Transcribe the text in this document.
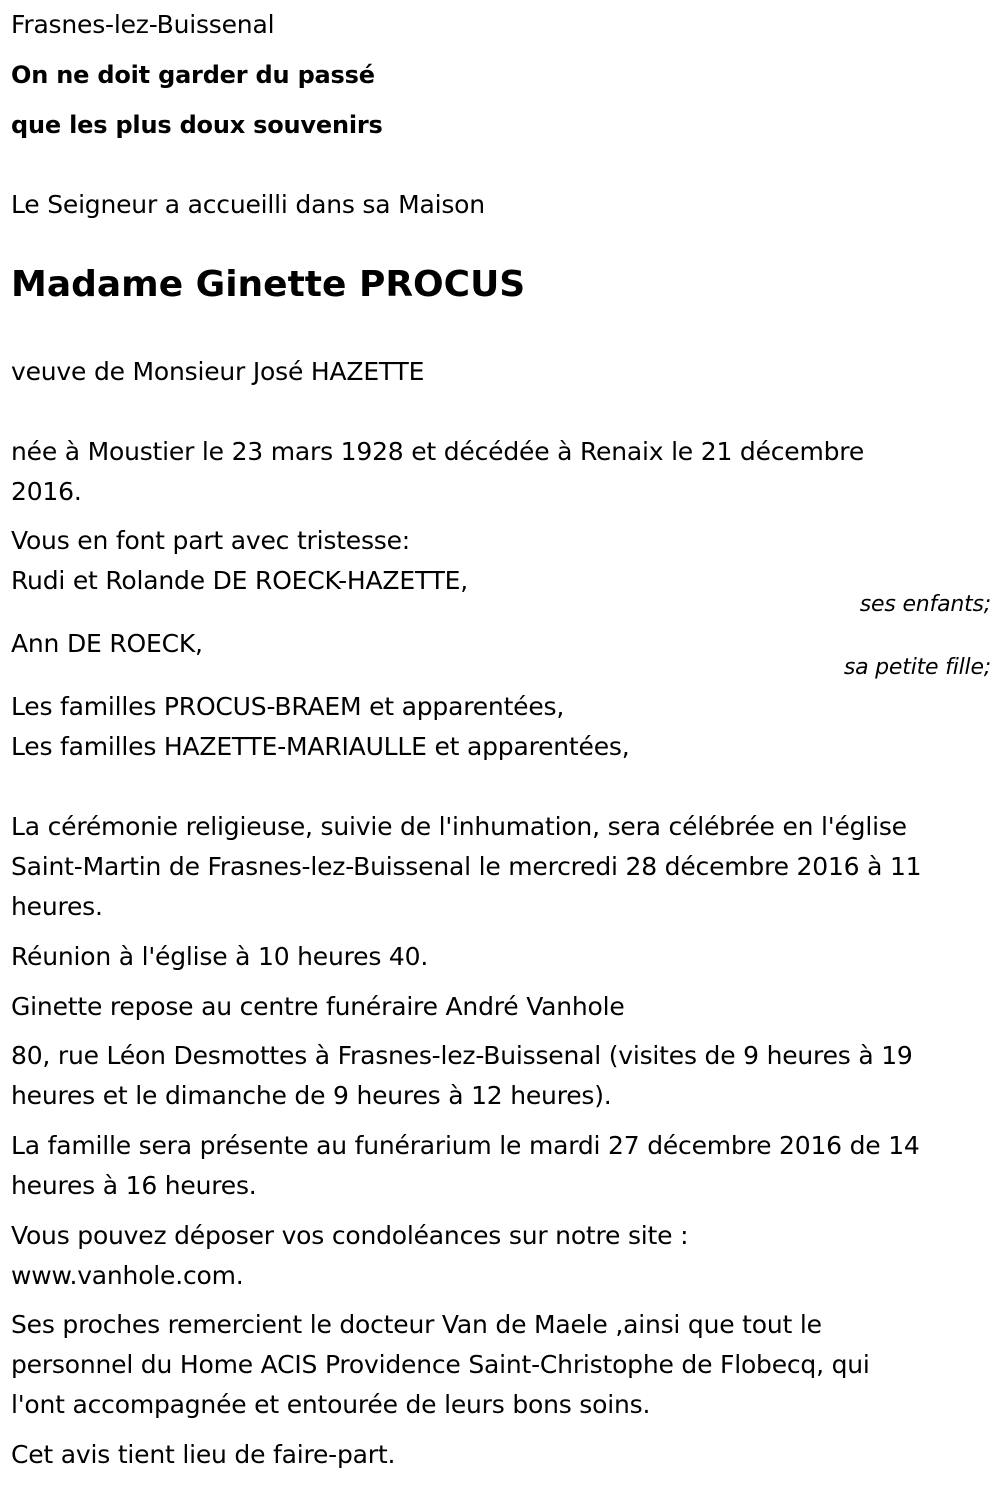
Frasnes-lez-Buissenal
On ne doit garder du passé
que les plus doux souvenirs
Le Seigneur a accueilli dans sa Maison
Madame Ginette PROCUS
veuve de Monsieur José HAZETTE
née à Moustier le 23 mars 1928 et décédée à Renaix le 21 décembre
2016.
Vous en font part avec tristesse:
Rudi et Rolande DE ROECK-HAZETTE,
ses enfants;
Ann DE ROECK,
sa petite fille;
Les familles PROCUS-BRAEM et apparentées,
Les familles HAZETTE-MARIAULLE et apparentées,
La cérémonie religieuse, suivie de l'inhumation, sera célébrée en l'église
Saint-Martin de Frasnes-lez-Buissenal le mercredi 28 décembre 2016 à 11
heures.
Réunion à l'église à 10 heures 40.
Ginette repose au centre funéraire André Vanhole
80, rue Léon Desmottes à Frasnes-lez-Buissenal (visites de 9 heures à 19
heures et le dimanche de 9 heures à 12 heures).
La famille sera présente au funérarium le mardi 27 décembre 2016 de 14
heures à 16 heures.
Vous pouvez déposer vos condoléances sur notre site :
www.vanhole.com.
Ses proches remercient le docteur Van de Maele ,ainsi que tout le
personnel du Home ACIS Providence Saint-Christophe de Flobecq, qui
l'ont accompagnée et entourée de leurs bons soins.
Cet avis tient lieu de faire-part.
